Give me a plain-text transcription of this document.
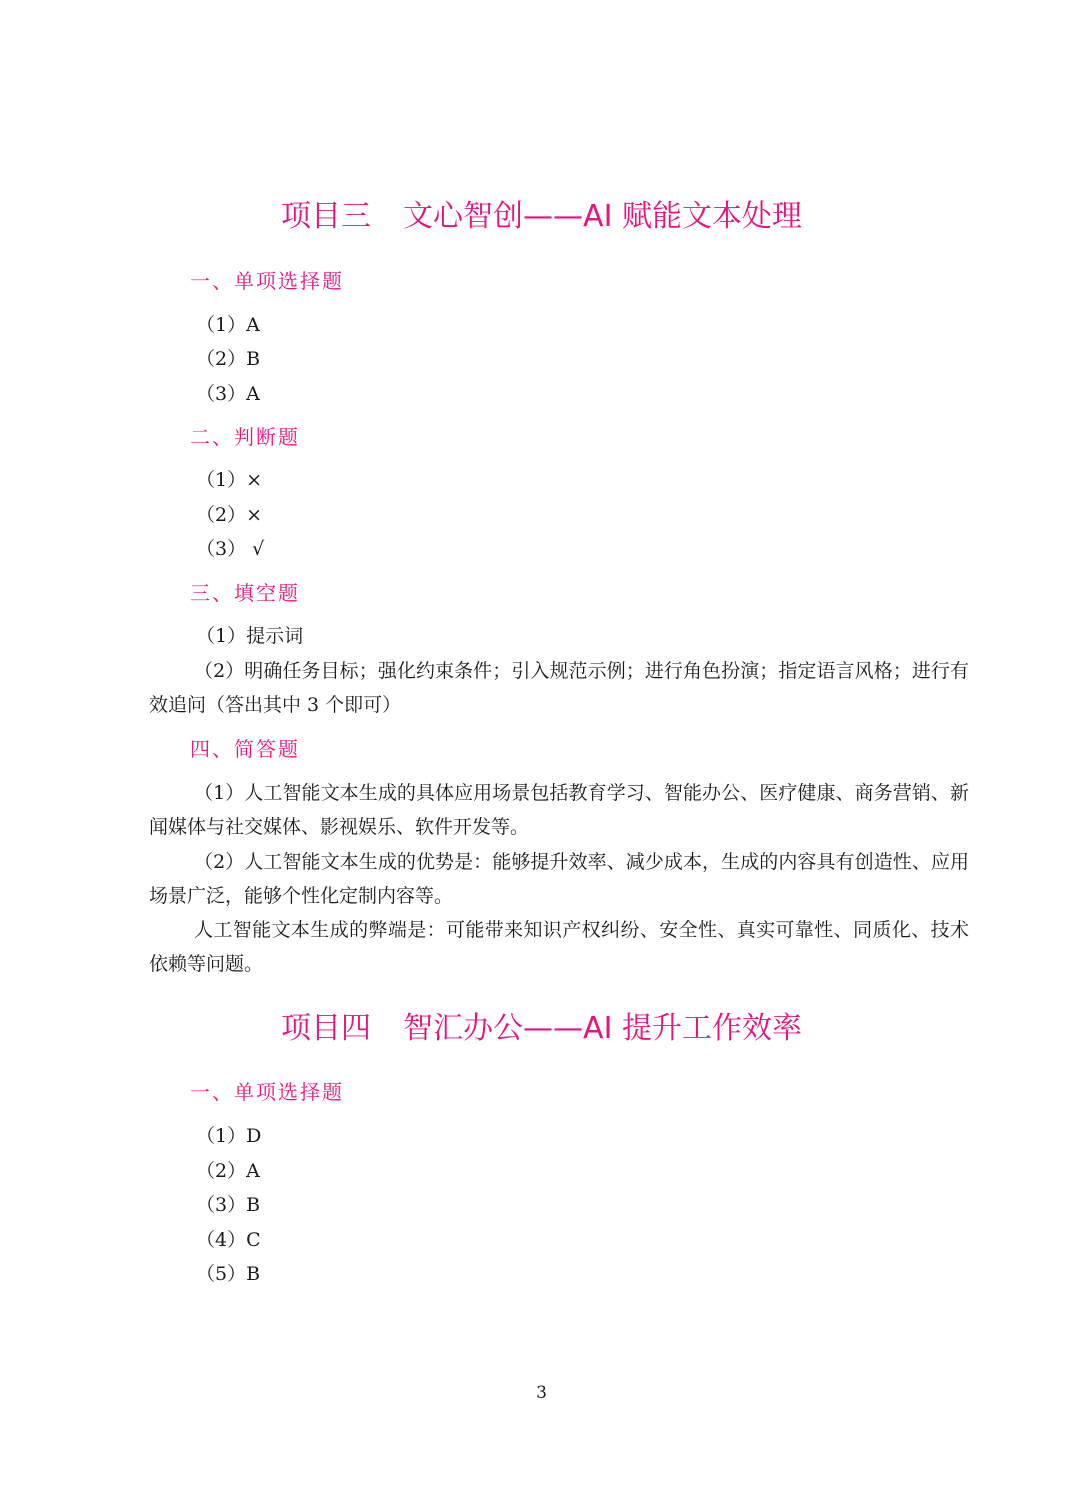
项目三 文心智创——AI 赋能文本处理
一、单项选择题
（1）A
（2）B
（3）A
二、判断题
（1）×
（2）×
（3） √
三、填空题
（1）提示词
（2）明确任务目标；强化约束条件；引入规范示例；进行角色扮演；指定语言风格；进行有效追问（答出其中 3 个即可）
四、简答题
（1）人工智能文本生成的具体应用场景包括教育学习、智能办公、医疗健康、商务营销、新闻媒体与社交媒体、影视娱乐、软件开发等。
（2）人工智能文本生成的优势是：能够提升效率、减少成本，生成的内容具有创造性、应用场景广泛，能够个性化定制内容等。
人工智能文本生成的弊端是：可能带来知识产权纠纷、安全性、真实可靠性、同质化、技术依赖等问题。
项目四 智汇办公——AI 提升工作效率
一、单项选择题
（1）D
（2）A
（3）B
（4）C
（5）B
3
